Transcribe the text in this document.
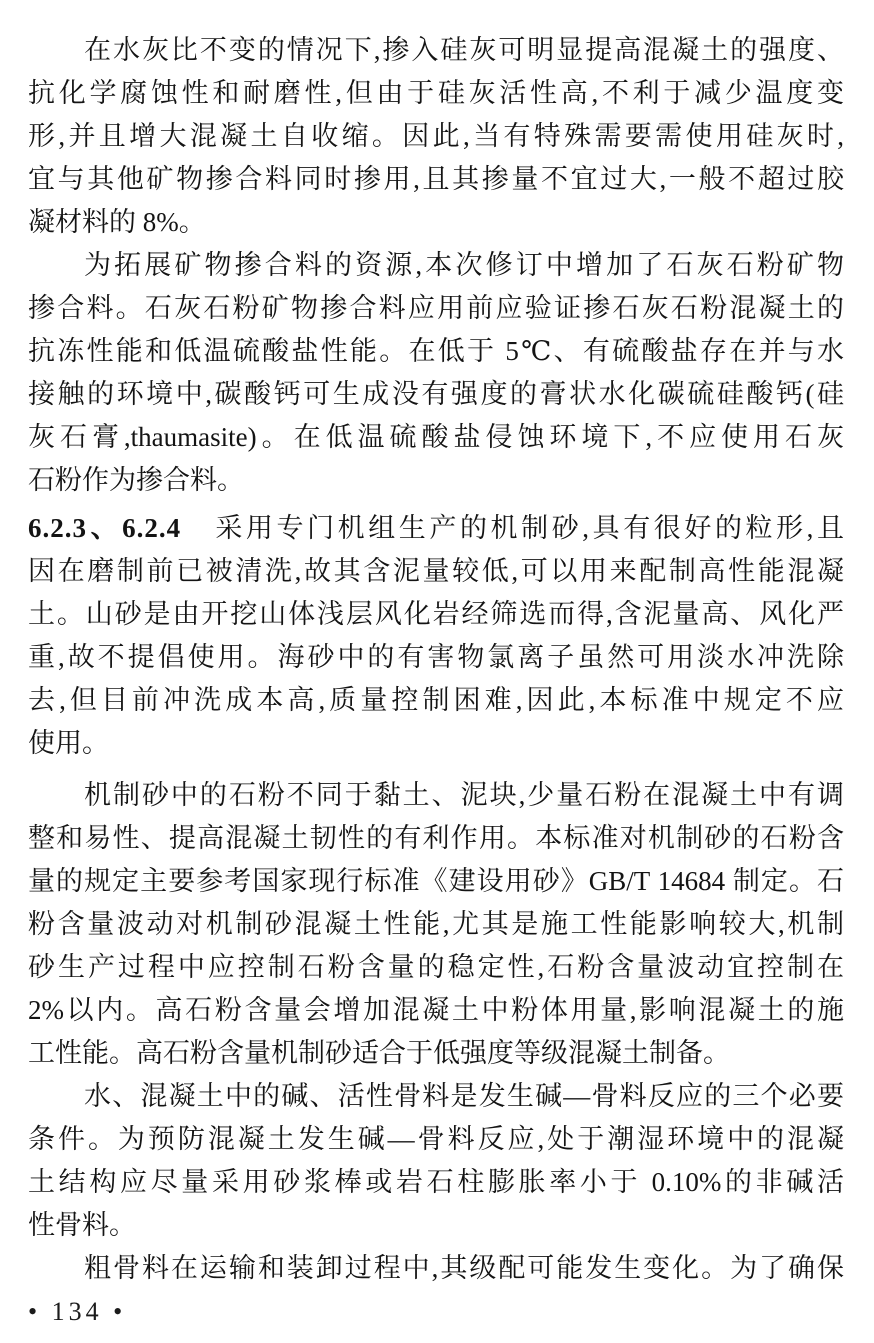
在水灰比不变的情况下,掺入硅灰可明显提高混凝土的强度、
抗化学腐蚀性和耐磨性,但由于硅灰活性高,不利于减少温度变
形,并且增大混凝土自收缩。因此,当有特殊需要需使用硅灰时,
宜与其他矿物掺合料同时掺用,且其掺量不宜过大,一般不超过胶
凝材料的 8%。
为拓展矿物掺合料的资源,本次修订中增加了石灰石粉矿物
掺合料。石灰石粉矿物掺合料应用前应验证掺石灰石粉混凝土的
抗冻性能和低温硫酸盐性能。在低于 5℃、有硫酸盐存在并与水
接触的环境中,碳酸钙可生成没有强度的膏状水化碳硫硅酸钙(硅
灰石膏,thaumasite)。在低温硫酸盐侵蚀环境下,不应使用石灰
石粉作为掺合料。
6.2.3、6.2.4　采用专门机组生产的机制砂,具有很好的粒形,且
因在磨制前已被清洗,故其含泥量较低,可以用来配制高性能混凝
土。山砂是由开挖山体浅层风化岩经筛选而得,含泥量高、风化严
重,故不提倡使用。海砂中的有害物氯离子虽然可用淡水冲洗除
去,但目前冲洗成本高,质量控制困难,因此,本标准中规定不应
使用。
机制砂中的石粉不同于黏土、泥块,少量石粉在混凝土中有调
整和易性、提高混凝土韧性的有利作用。本标准对机制砂的石粉含
量的规定主要参考国家现行标准《建设用砂》GB/T 14684 制定。石
粉含量波动对机制砂混凝土性能,尤其是施工性能影响较大,机制
砂生产过程中应控制石粉含量的稳定性,石粉含量波动宜控制在
2%以内。高石粉含量会增加混凝土中粉体用量,影响混凝土的施
工性能。高石粉含量机制砂适合于低强度等级混凝土制备。
水、混凝土中的碱、活性骨料是发生碱—骨料反应的三个必要
条件。为预防混凝土发生碱—骨料反应,处于潮湿环境中的混凝
土结构应尽量采用砂浆棒或岩石柱膨胀率小于 0.10%的非碱活
性骨料。
粗骨料在运输和装卸过程中,其级配可能发生变化。为了确保
• 134 •
